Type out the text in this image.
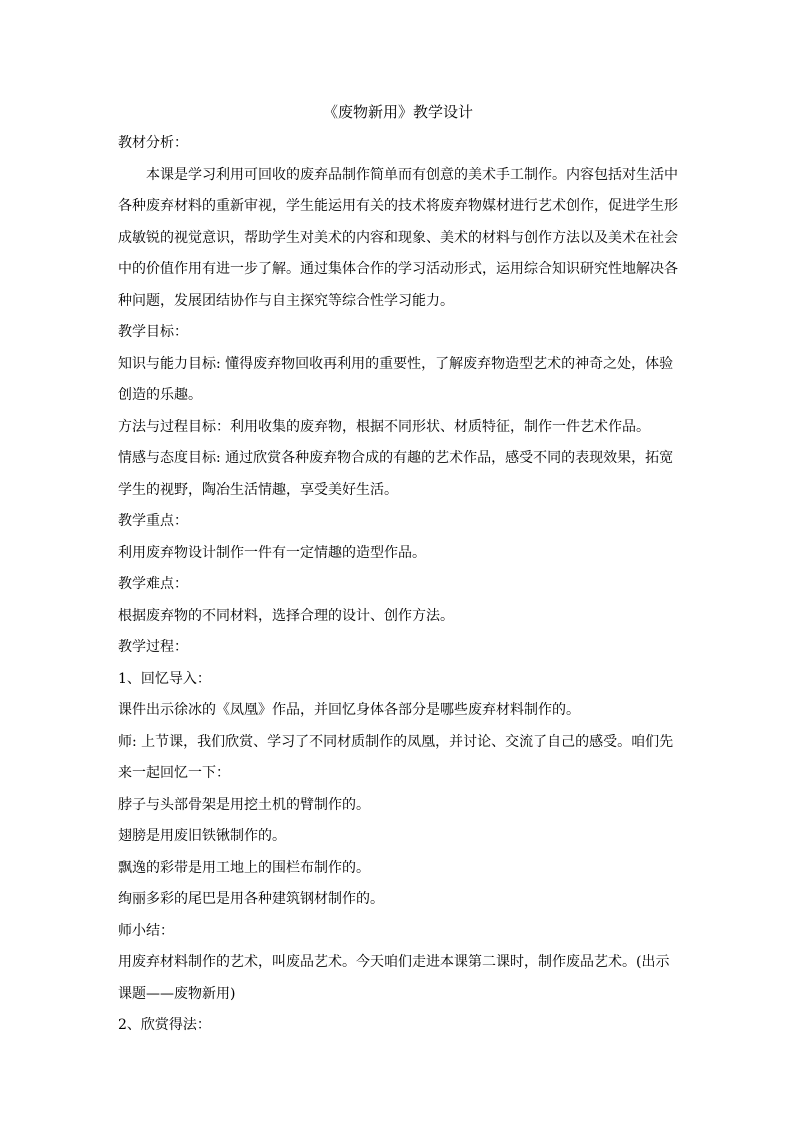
《废物新用》教学设计

教材分析：

本课是学习利用可回收的废弃品制作简单而有创意的美术手工制作。内容包括对生活中

各种废弃材料的重新审视，学生能运用有关的技术将废弃物媒材进行艺术创作，促进学生形

成敏锐的视觉意识，帮助学生对美术的内容和现象、美术的材料与创作方法以及美术在社会

中的价值作用有进一步了解。通过集体合作的学习活动形式，运用综合知识研究性地解决各

种问题，发展团结协作与自主探究等综合性学习能力。

教学目标：

知识与能力目标: 懂得废弃物回收再利用的重要性，了解废弃物造型艺术的神奇之处，体验

创造的乐趣。

方法与过程目标：利用收集的废弃物，根据不同形状、材质特征，制作一件艺术作品。

情感与态度目标: 通过欣赏各种废弃物合成的有趣的艺术作品，感受不同的表现效果，拓宽

学生的视野，陶冶生活情趣，享受美好生活。

教学重点：

利用废弃物设计制作一件有一定情趣的造型作品。

教学难点：

根据废弃物的不同材料，选择合理的设计、创作方法。

教学过程：

1、回忆导入：

课件出示徐冰的《凤凰》作品，并回忆身体各部分是哪些废弃材料制作的。

师: 上节课，我们欣赏、学习了不同材质制作的凤凰，并讨论、交流了自己的感受。咱们先

来一起回忆一下：

脖子与头部骨架是用挖土机的臂制作的。

翅膀是用废旧铁锹制作的。

飘逸的彩带是用工地上的围栏布制作的。

绚丽多彩的尾巴是用各种建筑钢材制作的。

师小结：

用废弃材料制作的艺术，叫废品艺术。今天咱们走进本课第二课时，制作废品艺术。(出示

课题——废物新用)

2、欣赏得法：
